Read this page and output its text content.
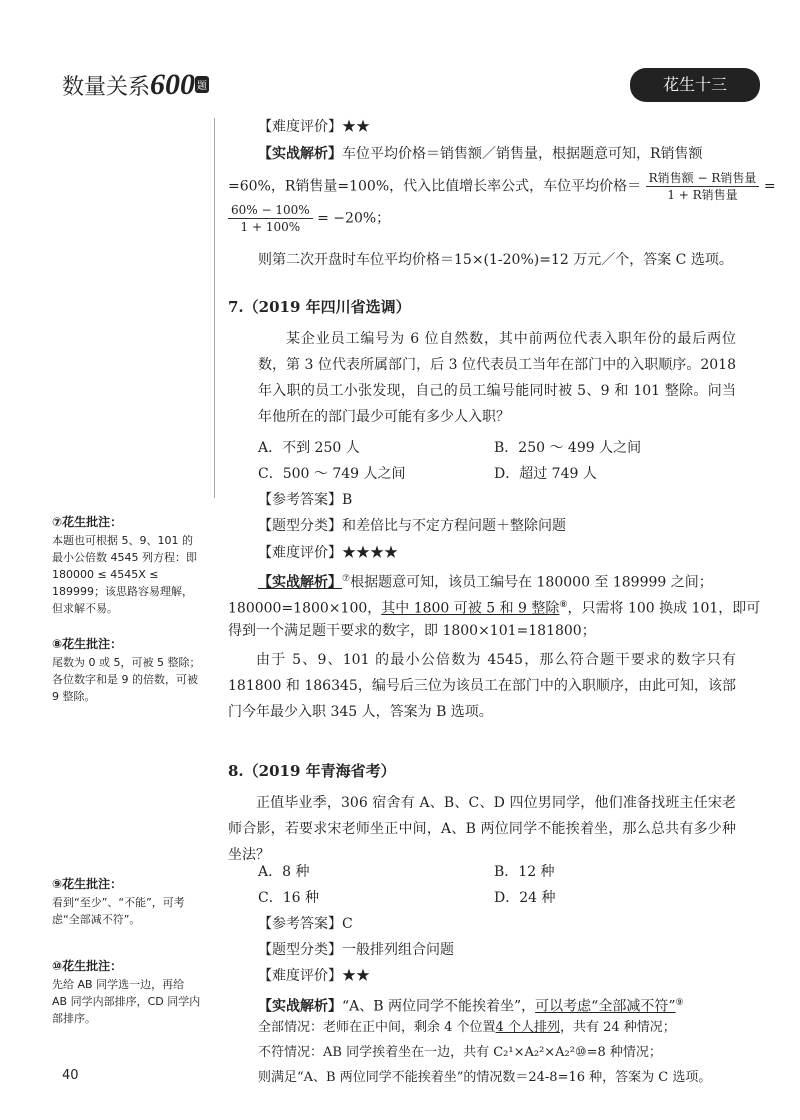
数量关系600 题	花生十三
【难度评价】★★
【实战解析】车位平均价格＝销售额／销售量，根据题意可知，R销售额
=60%，R销售量=100%，代入比值增长率公式，车位平均价格＝ $\frac{\text{R销售额 − R销售量}}{\text{1 + R销售量}}$ =
$\frac{60\% - 100\%}{1 + 100\%} = -20\%$；
则第二次开盘时车位平均价格＝15×(1-20%)=12 万元／个，答案 C 选项。
7.（2019 年四川省选调）
某企业员工编号为 6 位自然数，其中前两位代表入职年份的最后两位数，第 3 位代表所属部门，后 3 位代表员工当年在部门中的入职顺序。2018 年入职的员工小张发现，自己的员工编号能同时被 5、9 和 101 整除。问当年他所在的部门最少可能有多少人入职？
A．不到 250 人	B．250 ～ 499 人之间
C．500 ～ 749 人之间	D．超过 749 人
【参考答案】B
【题型分类】和差倍比与不定方程问题＋整除问题
【难度评价】★★★★
【实战解析】⑦根据题意可知，该员工编号在 180000 至 189999 之间；
180000=1800×100，其中 1800 可被 5 和 9 整除⑧，只需将 100 换成 101，即可
得到一个满足题干要求的数字，即 1800×101=181800；
由于 5、9、101 的最小公倍数为 4545，那么符合题干要求的数字只有 181800 和 186345，编号后三位为该员工在部门中的入职顺序，由此可知，该部门今年最少入职 345 人，答案为 B 选项。
8.（2019 年青海省考）
正值毕业季，306 宿舍有 A、B、C、D 四位男同学，他们准备找班主任宋老师合影，若要求宋老师坐正中间，A、B 两位同学不能挨着坐，那么总共有多少种坐法？
A．8 种	B．12 种
C．16 种	D．24 种
【参考答案】C
【题型分类】一般排列组合问题
【难度评价】★★
【实战解析】“A、B 两位同学不能挨着坐”，可以考虑“全部减不符”⑨
全部情况：老师在正中间，剩余 4 个位置4 个人排列，共有 24 种情况；
不符情况：AB 同学挨着坐在一边，共有 C₂¹×A₂²×A₂²⑩=8 种情况；
则满足“A、B 两位同学不能挨着坐”的情况数＝24-8=16 种，答案为 C 选项。
⑦花生批注：
本题也可根据 5、9、101 的最小公倍数 4545 列方程：即 180000 ≤ 4545X ≤ 189999；该思路容易理解，但求解不易。
⑧花生批注：
尾数为 0 或 5，可被 5 整除；各位数字和是 9 的倍数，可被 9 整除。
⑨花生批注：
看到“至少”、“不能”，可考虑“全部减不符”。
⑩花生批注：
先给 AB 同学选一边，再给 AB 同学内部排序，CD 同学内部排序。
40
